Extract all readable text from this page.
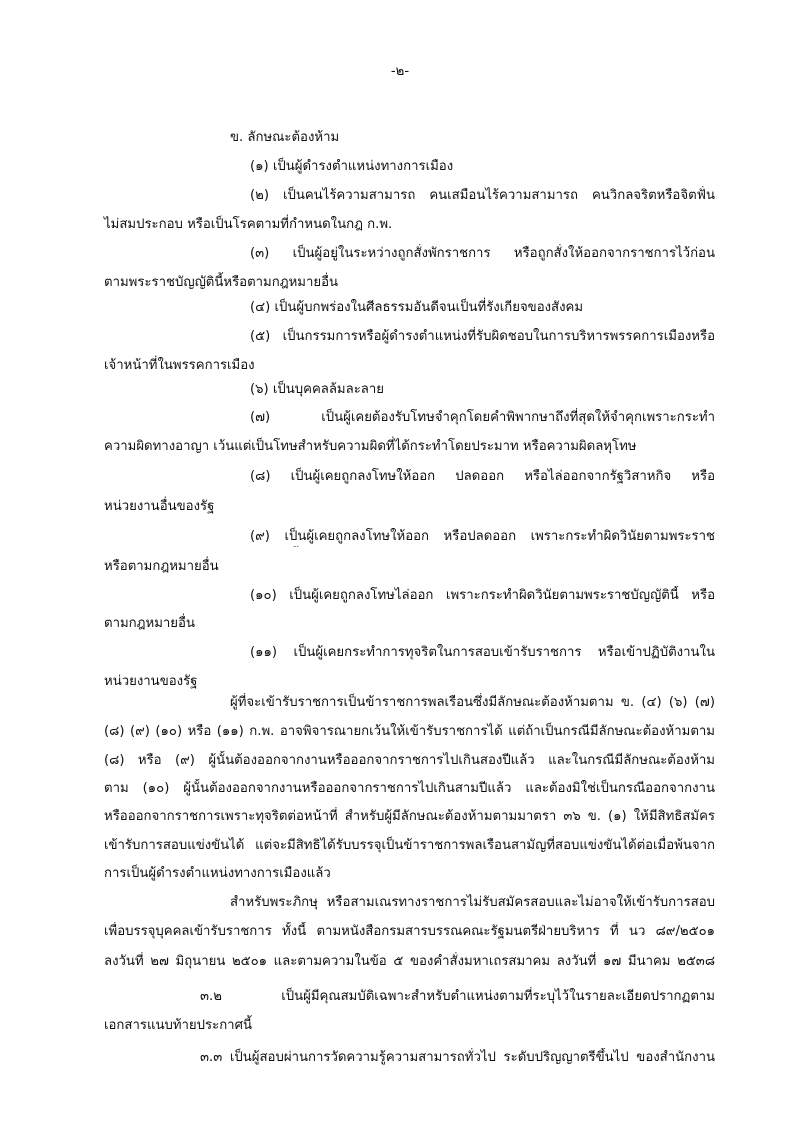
-๒-
ข. ลักษณะต้องห้าม
(๑) เป็นผู้ดำรงตำแหน่งทางการเมือง
(๒) เป็นคนไร้ความสามารถ คนเสมือนไร้ความสามารถ คนวิกลจริตหรือจิตฟั่น
ไม่สมประกอบ หรือเป็นโรคตามที่กำหนดในกฎ ก.พ.
(๓) เป็นผู้อยู่ในระหว่างถูกสั่งพักราชการ หรือถูกสั่งให้ออกจากราชการไว้ก่อน
ตามพระราชบัญญัตินี้หรือตามกฎหมายอื่น
(๔) เป็นผู้บกพร่องในศีลธรรมอันดีจนเป็นที่รังเกียจของสังคม
(๕) เป็นกรรมการหรือผู้ดำรงตำแหน่งที่รับผิดชอบในการบริหารพรรคการเมืองหรือ
เจ้าหน้าที่ในพรรคการเมือง
(๖) เป็นบุคคลล้มละลาย
(๗) เป็นผู้เคยต้องรับโทษจำคุกโดยคำพิพากษาถึงที่สุดให้จำคุกเพราะกระทำ
ความผิดทางอาญา เว้นแต่เป็นโทษสำหรับความผิดที่ได้กระทำโดยประมาท หรือความผิดลหุโทษ
(๘) เป็นผู้เคยถูกลงโทษให้ออก ปลดออก หรือไล่ออกจากรัฐวิสาหกิจ หรือ
หน่วยงานอื่นของรัฐ
(๙) เป็นผู้เคยถูกลงโทษให้ออก หรือปลดออก เพราะกระทำผิดวินัยตามพระราช
หรือตามกฎหมายอื่น
(๑๐) เป็นผู้เคยถูกลงโทษไล่ออก เพราะกระทำผิดวินัยตามพระราชบัญญัตินี้ หรือ
ตามกฎหมายอื่น
(๑๑) เป็นผู้เคยกระทำการทุจริตในการสอบเข้ารับราชการ หรือเข้าปฏิบัติงานใน
หน่วยงานของรัฐ
ผู้ที่จะเข้ารับราชการเป็นข้าราชการพลเรือนซึ่งมีลักษณะต้องห้ามตาม ข. (๔) (๖) (๗)
(๘) (๙) (๑๐) หรือ (๑๑) ก.พ. อาจพิจารณายกเว้นให้เข้ารับราชการได้ แต่ถ้าเป็นกรณีมีลักษณะต้องห้ามตาม
(๘) หรือ (๙) ผู้นั้นต้องออกจากงานหรือออกจากราชการไปเกินสองปีแล้ว และในกรณีมีลักษณะต้องห้าม
ตาม (๑๐) ผู้นั้นต้องออกจากงานหรือออกจากราชการไปเกินสามปีแล้ว และต้องมิใช่เป็นกรณีออกจากงาน
หรือออกจากราชการเพราะทุจริตต่อหน้าที่ สำหรับผู้มีลักษณะต้องห้ามตามมาตรา ๓๖ ข. (๑) ให้มีสิทธิสมัคร
เข้ารับการสอบแข่งขันได้ แต่จะมีสิทธิได้รับบรรจุเป็นข้าราชการพลเรือนสามัญที่สอบแข่งขันได้ต่อเมื่อพ้นจาก
การเป็นผู้ดำรงตำแหน่งทางการเมืองแล้ว
สำหรับพระภิกษุ หรือสามเณรทางราชการไม่รับสมัครสอบและไม่อาจให้เข้ารับการสอบ
เพื่อบรรจุบุคคลเข้ารับราชการ ทั้งนี้ ตามหนังสือกรมสารบรรณคณะรัฐมนตรีฝ่ายบริหาร ที่ นว ๘๙/๒๕๐๑
ลงวันที่ ๒๗ มิถุนายน ๒๕๐๑ และตามความในข้อ ๕ ของคำสั่งมหาเถรสมาคม ลงวันที่ ๑๗ มีนาคม ๒๕๓๘
๓.๒ เป็นผู้มีคุณสมบัติเฉพาะสำหรับตำแหน่งตามที่ระบุไว้ในรายละเอียดปรากฏตาม
เอกสารแนบท้ายประกาศนี้
๓.๓ เป็นผู้สอบผ่านการวัดความรู้ความสามารถทั่วไป ระดับปริญญาตรีขึ้นไป ของสำนักงาน
